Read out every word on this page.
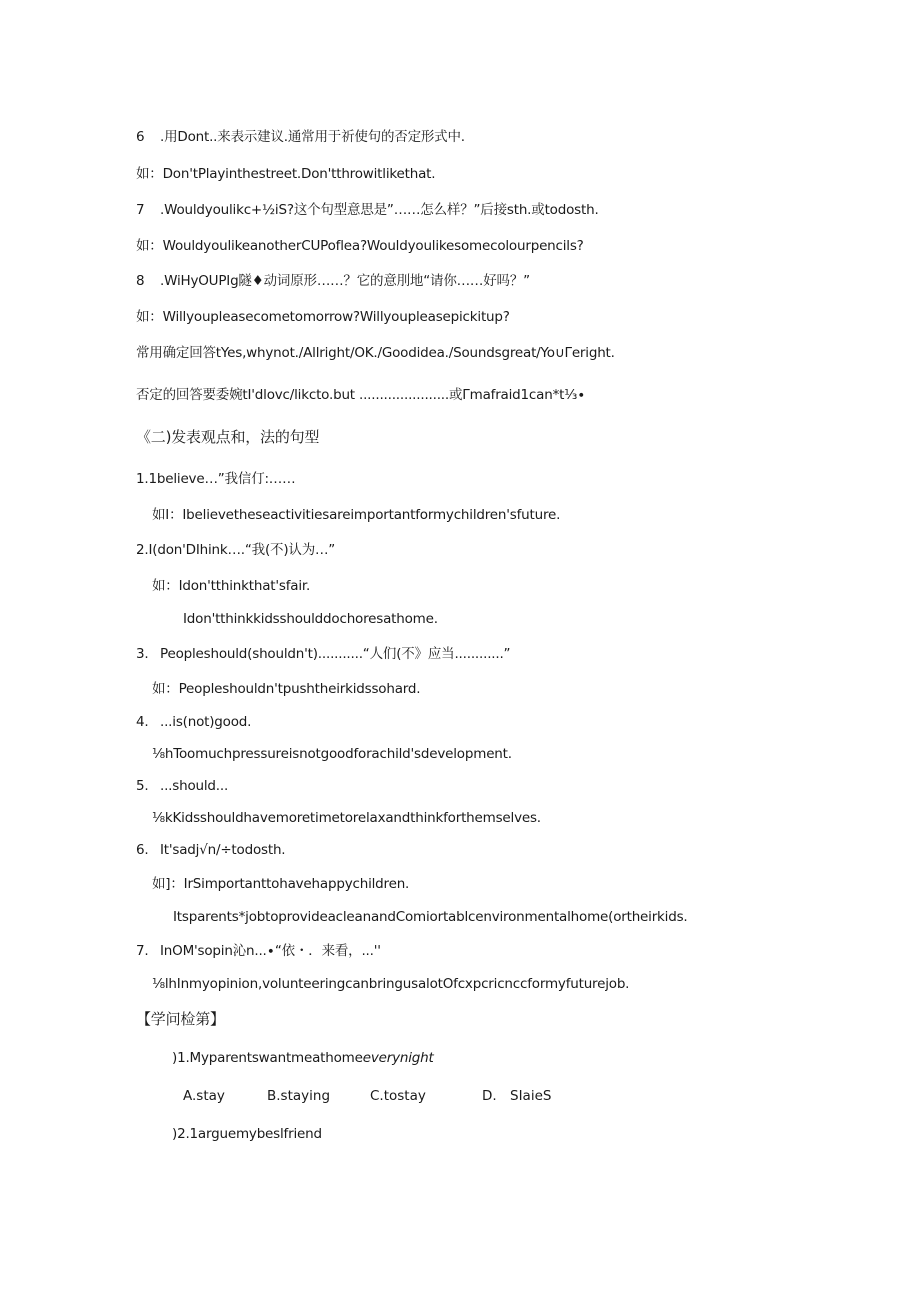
6 .用Dont..来表示建议.通常用于祈使句的否定形式中.
如：Don'tPlayinthestreet.Don'tthrowitlikethat.
7 .Wouldyoulikc+½iS?这个句型意思是”……怎么样？”后接sth.或todosth.
如：WouldyoulikeanotherCUPoflea?Wouldyoulikesomecolourpencils?
8 .WiHyOUPIg隧♦动词原形……？它的意刖地“请你……好吗？”
如：Willyoupleasecometomorrow?Willyoupleasepickitup?
常用确定回答tYes,whynot./Allright∕OK./Goodidea./Soundsgreat∕Yo∪Γeright.
否定的回答要委婉tI'dlovc/likcto.but ......................或Γmafraid1can*t⅓∙
《二)发表观点和，法的句型
1.1believe…”我信仃:……
如I：Ibelievetheseactivitiesareimportantformychildren'sfuture.
2.I(don'DIhink….“我(不)认为…”
如：Idon'tthinkthat'sfair.
Idon'tthinkkidsshoulddochoresathome.
3. Peopleshould(shouldn't)...........“人们(不》应当............”
如：Peopleshouldn'tpushtheirkidssohard.
4. ...is(not)good.
⅛hToomuchpressureisnotgoodforachild'sdevelopment.
5. ...should...
⅛kKidsshouldhavemoretimetorelaxandthinkforthemselves.
6. It'sadj√n∕÷todosth.
如]：IrSimportanttohavehappychildren.
Itsparents*jobtoprovideacleanandComiortablcenvironmentalhome(ortheirkids.
7. InOM'sopin沁n...∙“依・．来看，...''
⅛lhInmyopinion,volunteeringcanbringusalotOfcxpcricnccformyfuturejob.
【学问检第】
)1.Myparentswantmeathomeeverynight
A.stay	B.staying	C.tostay	D. SIaieS
)2.1arguemybeslfriend
